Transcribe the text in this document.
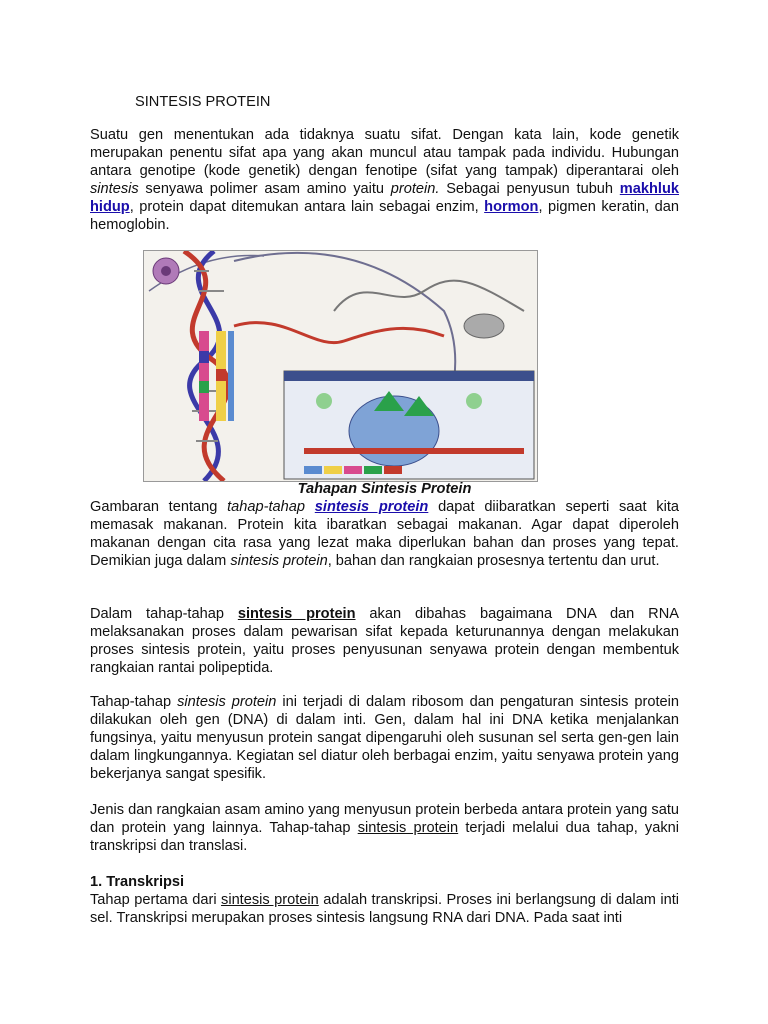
SINTESIS PROTEIN

Suatu gen menentukan ada tidaknya suatu sifat. Dengan kata lain, kode genetik merupakan penentu sifat apa yang akan muncul atau tampak pada individu. Hubungan antara genotipe (kode genetik) dengan fenotipe (sifat yang tampak) diperantarai oleh sintesis senyawa polimer asam amino yaitu protein. Sebagai penyusun tubuh makhluk hidup, protein dapat ditemukan antara lain sebagai enzim, hormon, pigmen keratin, dan hemoglobin.

Tahapan Sintesis Protein

Gambaran tentang tahap-tahap sintesis protein dapat diibaratkan seperti saat kita memasak makanan. Protein kita ibaratkan sebagai makanan. Agar dapat diperoleh makanan dengan cita rasa yang lezat maka diperlukan bahan dan proses yang tepat. Demikian juga dalam sintesis protein, bahan dan rangkaian prosesnya tertentu dan urut.

Dalam tahap-tahap sintesis protein akan dibahas bagaimana DNA dan RNA melaksanakan proses dalam pewarisan sifat kepada keturunannya dengan melakukan proses sintesis protein, yaitu proses penyusunan senyawa protein dengan membentuk rangkaian rantai polipeptida.

Tahap-tahap sintesis protein ini terjadi di dalam ribosom dan pengaturan sintesis protein dilakukan oleh gen (DNA) di dalam inti. Gen, dalam hal ini DNA ketika menjalankan fungsinya, yaitu menyusun protein sangat dipengaruhi oleh susunan sel serta gen-gen lain dalam lingkungannya. Kegiatan sel diatur oleh berbagai enzim, yaitu senyawa protein yang bekerjanya sangat spesifik.

Jenis dan rangkaian asam amino yang menyusun protein berbeda antara protein yang satu dan protein yang lainnya. Tahap-tahap sintesis protein terjadi melalui dua tahap, yakni transkripsi dan translasi.

1. Transkripsi

Tahap pertama dari sintesis protein adalah transkripsi. Proses ini berlangsung di dalam inti sel. Transkripsi merupakan proses sintesis langsung RNA dari DNA. Pada saat inti
